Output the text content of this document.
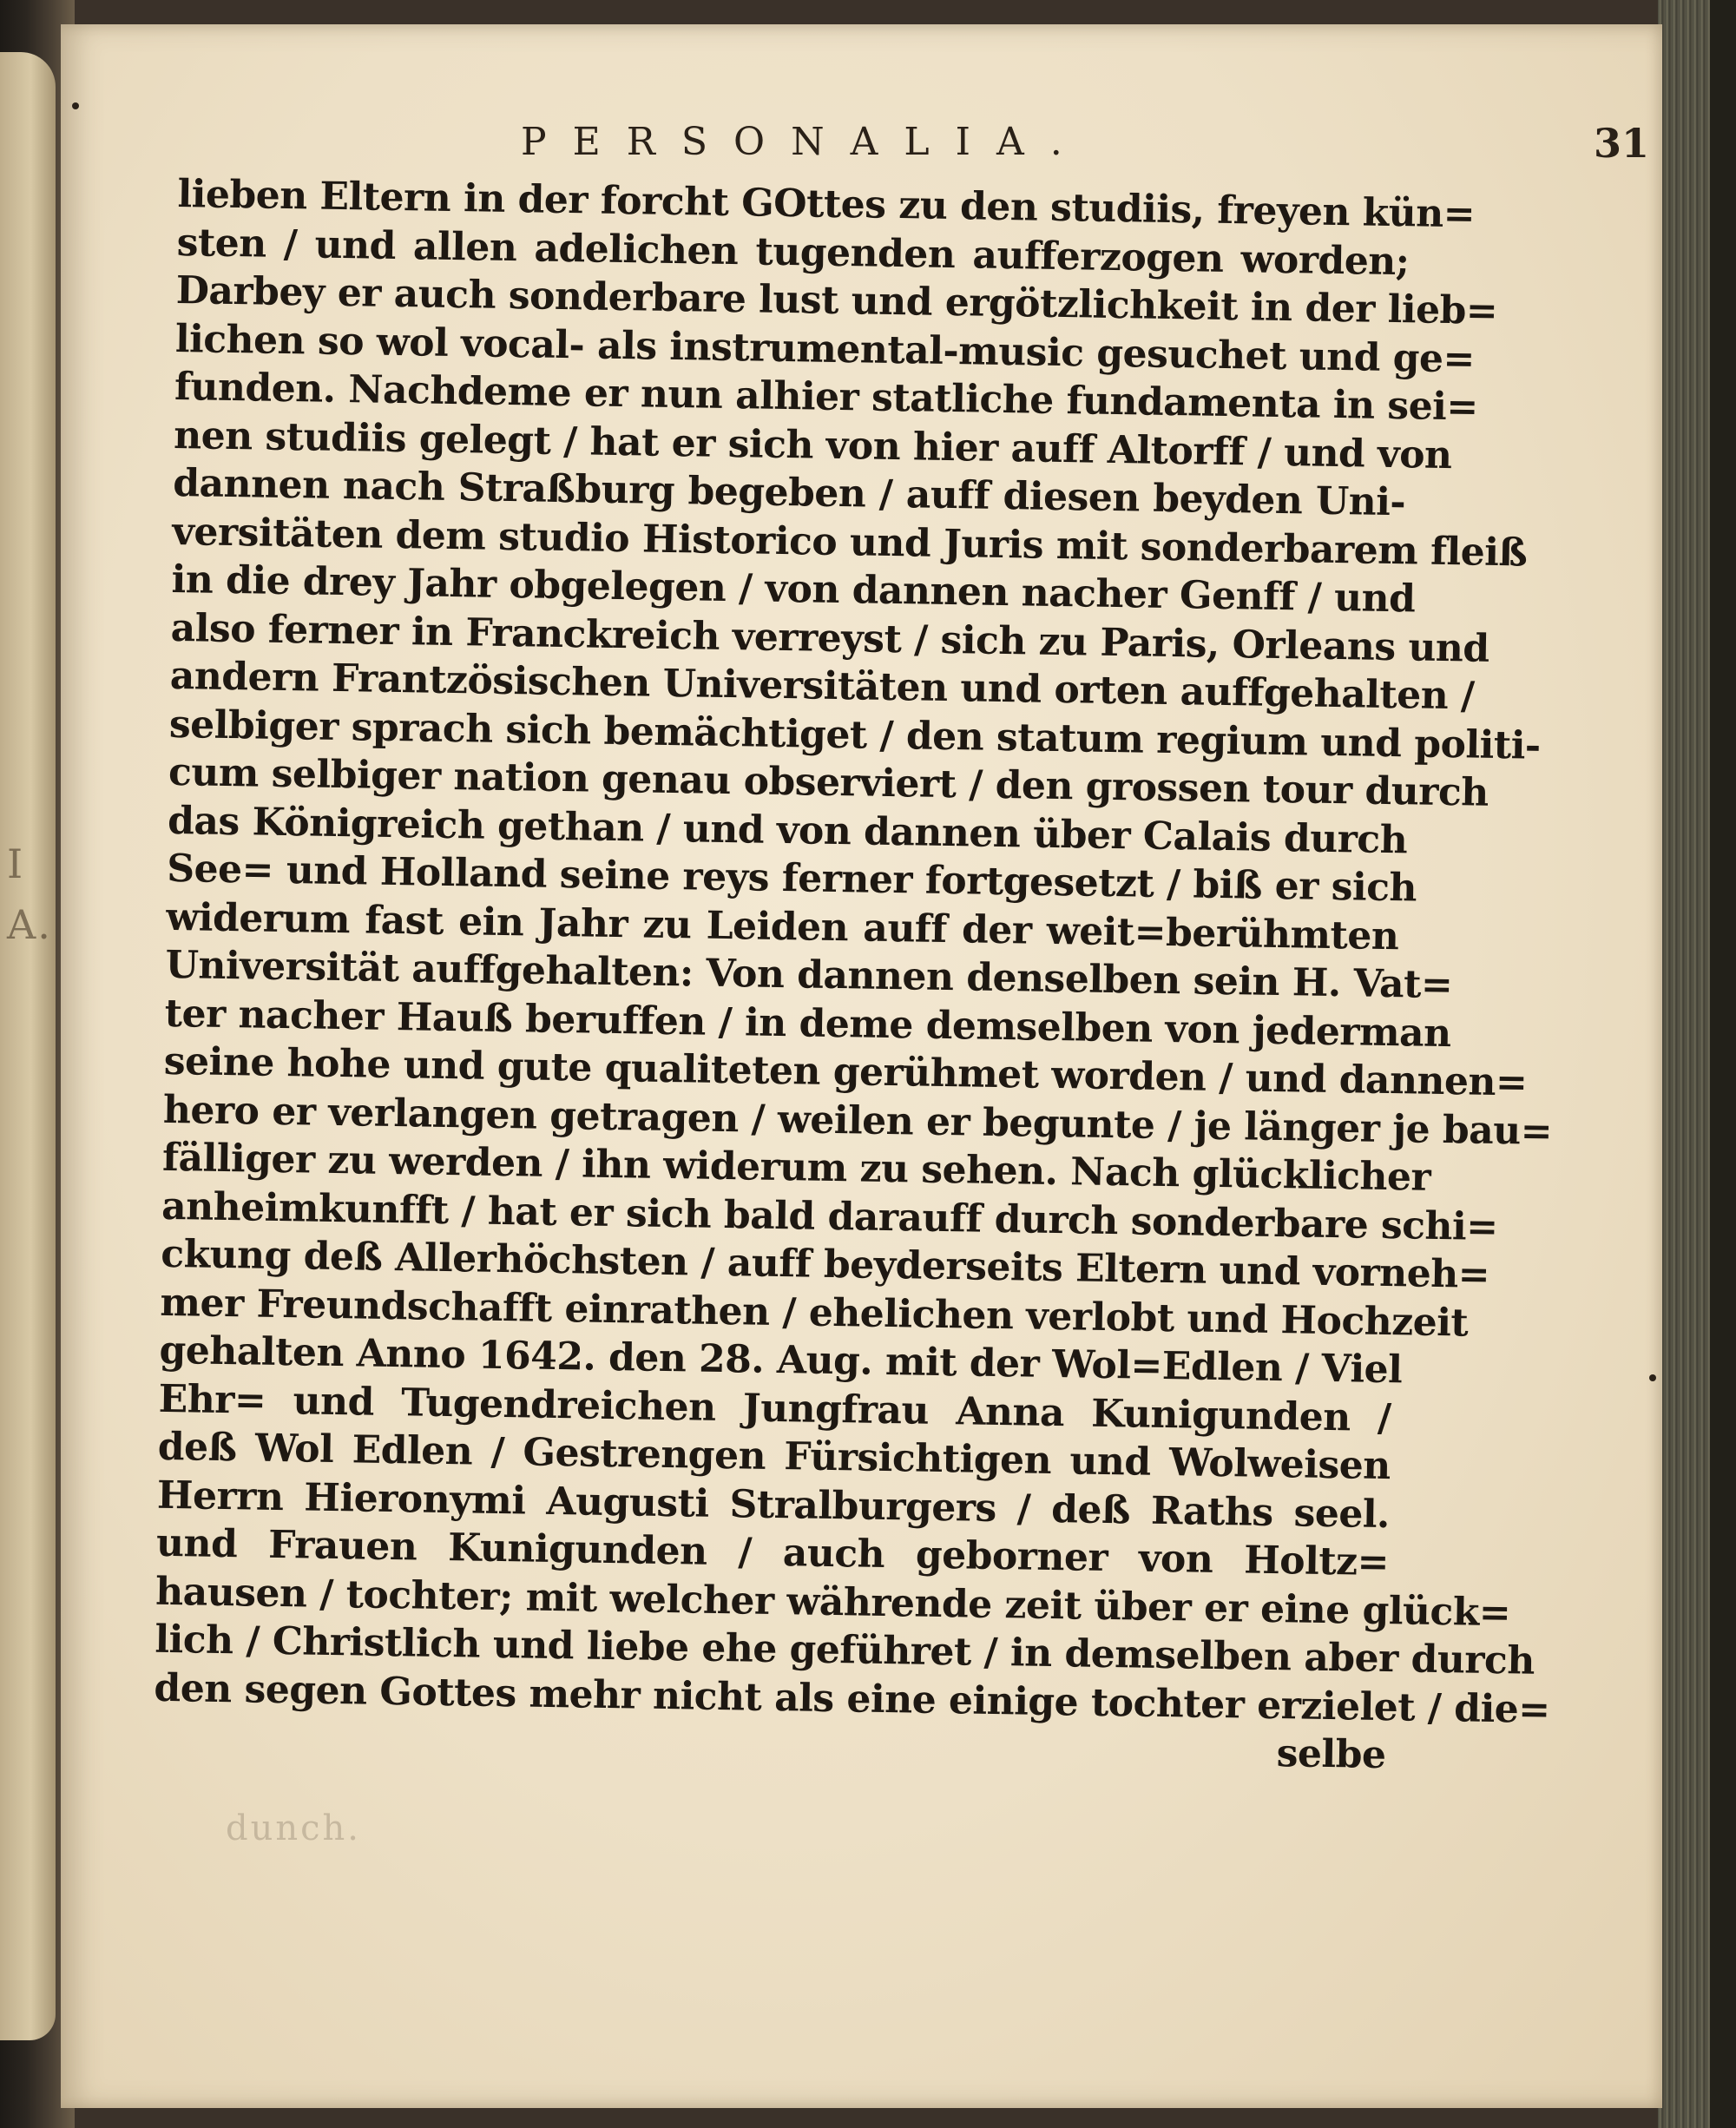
I A.
PERSONALIA.	31
lieben Eltern in der forcht GOttes zu den studiis, freyen kün=
sten / und allen adelichen tugenden aufferzogen worden;
Darbey er auch sonderbare lust und ergötzlichkeit in der lieb=
lichen so wol vocal- als instrumental-music gesuchet und ge=
funden. Nachdeme er nun alhier statliche fundamenta in sei=
nen studiis gelegt / hat er sich von hier auff Altorff / und von
dannen nach Straßburg begeben / auff diesen beyden Uni-
versitäten dem studio Historico und Juris mit sonderbarem fleiß
in die drey Jahr obgelegen / von dannen nacher Genff / und
also ferner in Franckreich verreyst / sich zu Paris, Orleans und
andern Frantzösischen Universitäten und orten auffgehalten /
selbiger sprach sich bemächtiget / den statum regium und politi-
cum selbiger nation genau observiert / den grossen tour durch
das Königreich gethan / und von dannen über Calais durch
See= und Holland seine reys ferner fortgesetzt / biß er sich
widerum fast ein Jahr zu Leiden auff der weit=berühmten
Universität auffgehalten: Von dannen denselben sein H. Vat=
ter nacher Hauß beruffen / in deme demselben von jederman
seine hohe und gute qualiteten gerühmet worden / und dannen=
hero er verlangen getragen / weilen er begunte / je länger je bau=
fälliger zu werden / ihn widerum zu sehen. Nach glücklicher
anheimkunfft / hat er sich bald darauff durch sonderbare schi=
ckung deß Allerhöchsten / auff beyderseits Eltern und vorneh=
mer Freundschafft einrathen / ehelichen verlobt und Hochzeit
gehalten Anno 1642. den 28. Aug. mit der Wol=Edlen / Viel
Ehr= und Tugendreichen Jungfrau Anna Kunigunden /
deß Wol Edlen / Gestrengen Fürsichtigen und Wolweisen
Herrn Hieronymi Augusti Stralburgers / deß Raths seel.
und Frauen Kunigunden / auch geborner von Holtz=
hausen / tochter; mit welcher währende zeit über er eine glück=
lich / Christlich und liebe ehe geführet / in demselben aber durch
den segen Gottes mehr nicht als eine einige tochter erzielet / die=
selbe
dunch.
